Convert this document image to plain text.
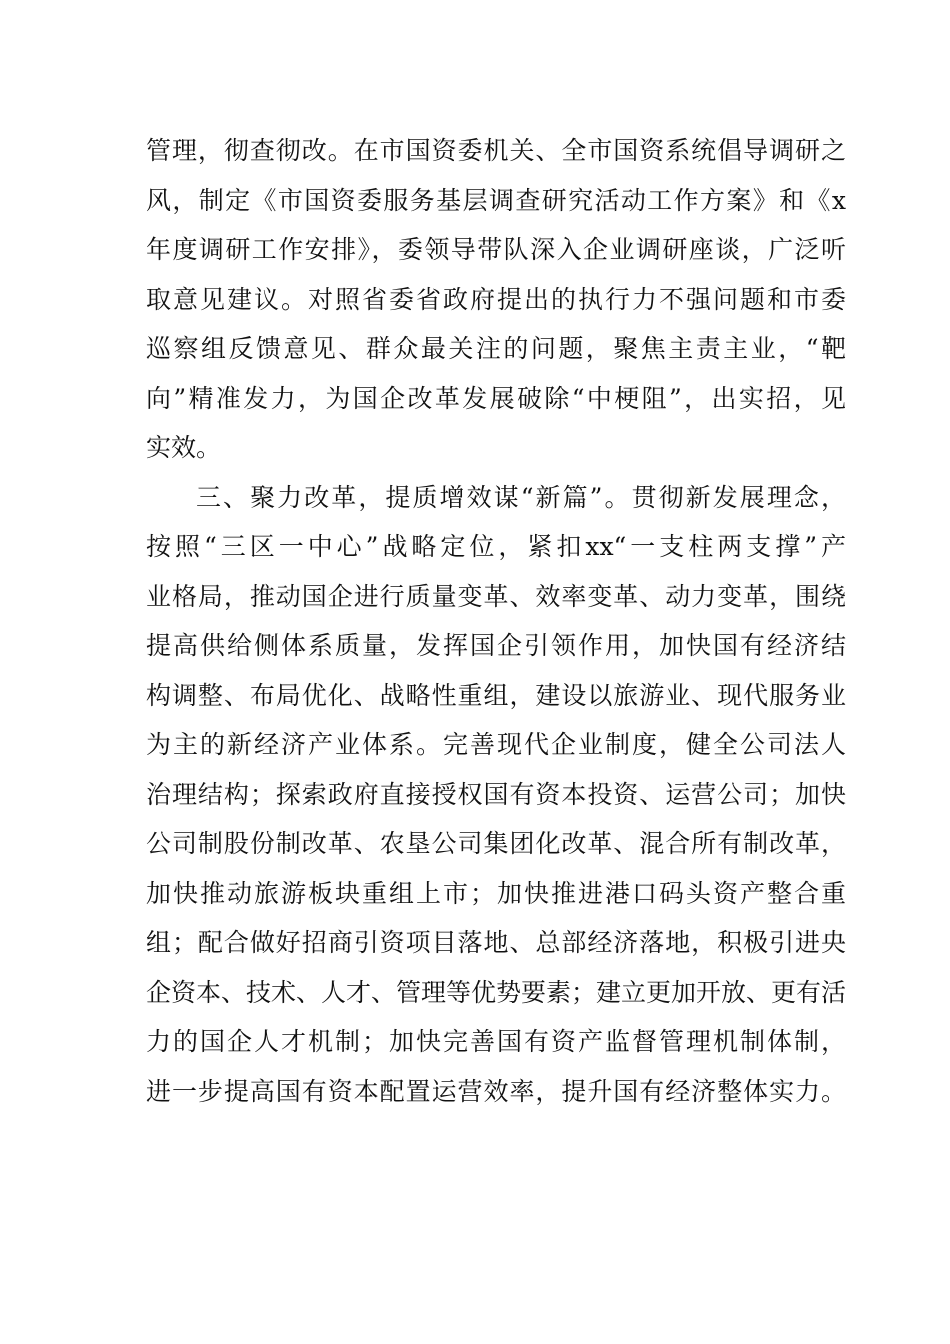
管理，彻查彻改。在市国资委机关、全市国资系统倡导调研之
风，制定《市国资委服务基层调查研究活动工作方案》和《x
年度调研工作安排》，委领导带队深入企业调研座谈，广泛听
取意见建议。对照省委省政府提出的执行力不强问题和市委
巡察组反馈意见、群众最关注的问题，聚焦主责主业，“靶
向”精准发力，为国企改革发展破除“中梗阻”，出实招，见
实效。
三、聚力改革，提质增效谋“新篇”。贯彻新发展理念，
按照“三区一中心”战略定位，紧扣xx“一支柱两支撑”产
业格局，推动国企进行质量变革、效率变革、动力变革，围绕
提高供给侧体系质量，发挥国企引领作用，加快国有经济结
构调整、布局优化、战略性重组，建设以旅游业、现代服务业
为主的新经济产业体系。完善现代企业制度，健全公司法人
治理结构；探索政府直接授权国有资本投资、运营公司；加快
公司制股份制改革、农垦公司集团化改革、混合所有制改革，
加快推动旅游板块重组上市；加快推进港口码头资产整合重
组；配合做好招商引资项目落地、总部经济落地，积极引进央
企资本、技术、人才、管理等优势要素；建立更加开放、更有活
力的国企人才机制；加快完善国有资产监督管理机制体制，
进一步提高国有资本配置运营效率，提升国有经济整体实力。
